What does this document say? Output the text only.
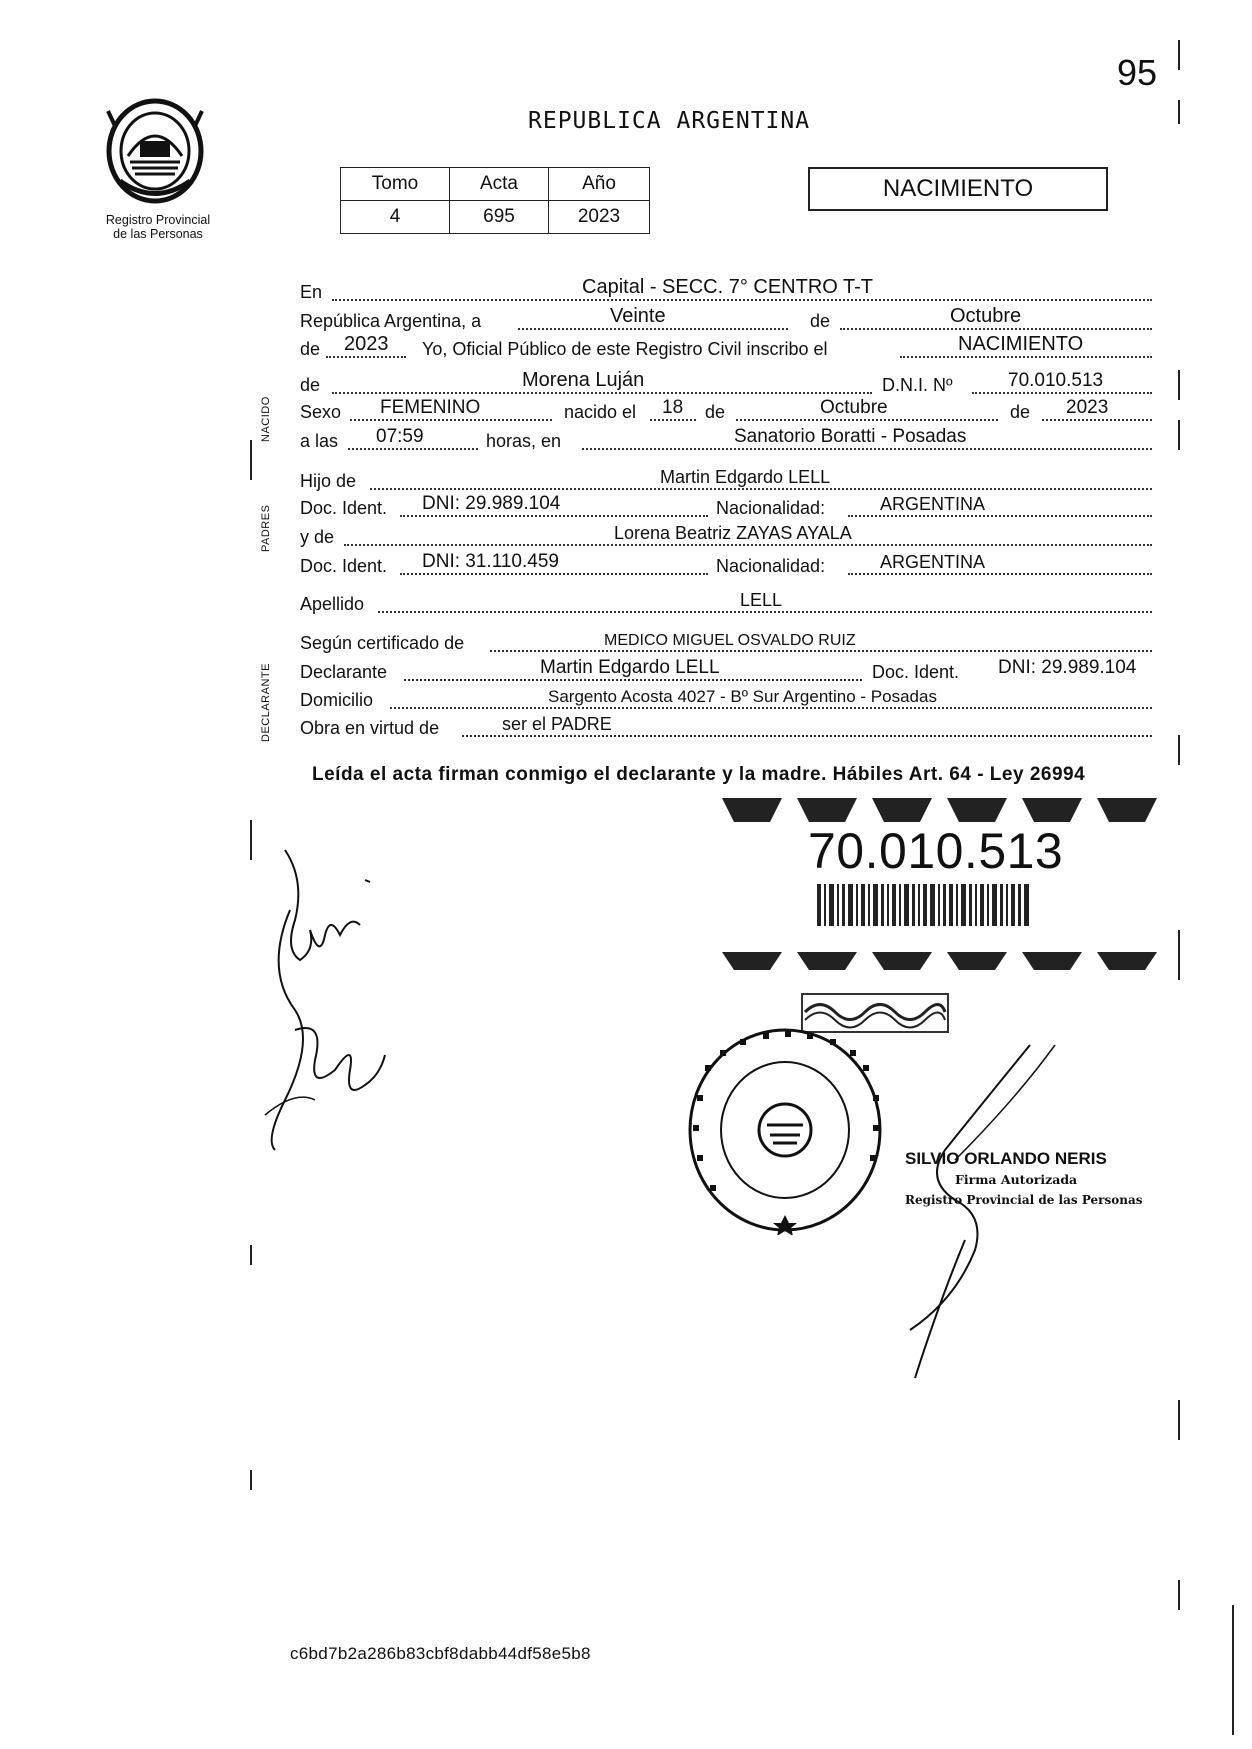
95
Registro Provincial
de las Personas
REPUBLICA ARGENTINA
Tomo	Acta	Año
4	695	2023
NACIMIENTO
NACIDO
PADRES
DECLARANTE
En	Capital - SECC. 7° CENTRO T-T
República Argentina, a	Veinte	de	Octubre
de 2023 Yo, Oficial Público de este Registro Civil inscribo el	NACIMIENTO
de	Morena Luján	D.N.I. Nº	70.010.513
Sexo FEMENINO	nacido el 18 de	Octubre	de 2023
a las 07:59	horas, en	Sanatorio Boratti - Posadas
Hijo de	Martin Edgardo LELL
Doc. Ident. DNI: 29.989.104	Nacionalidad:	ARGENTINA
y de	Lorena Beatriz ZAYAS AYALA
Doc. Ident. DNI: 31.110.459	Nacionalidad:	ARGENTINA
Apellido	LELL
Según certificado de	MEDICO MIGUEL OSVALDO RUIZ
Declarante	Martin Edgardo LELL	Doc. Ident. DNI: 29.989.104
Domicilio	Sargento Acosta 4027 - Bº Sur Argentino - Posadas
Obra en virtud de	ser el PADRE
Leída el acta firman conmigo el declarante y la madre. Hábiles Art. 64 - Ley 26994
70.010.513
SILVIO ORLANDO NERIS
Firma Autorizada
Registro Provincial de las Personas
c6bd7b2a286b83cbf8dabb44df58e5b8
